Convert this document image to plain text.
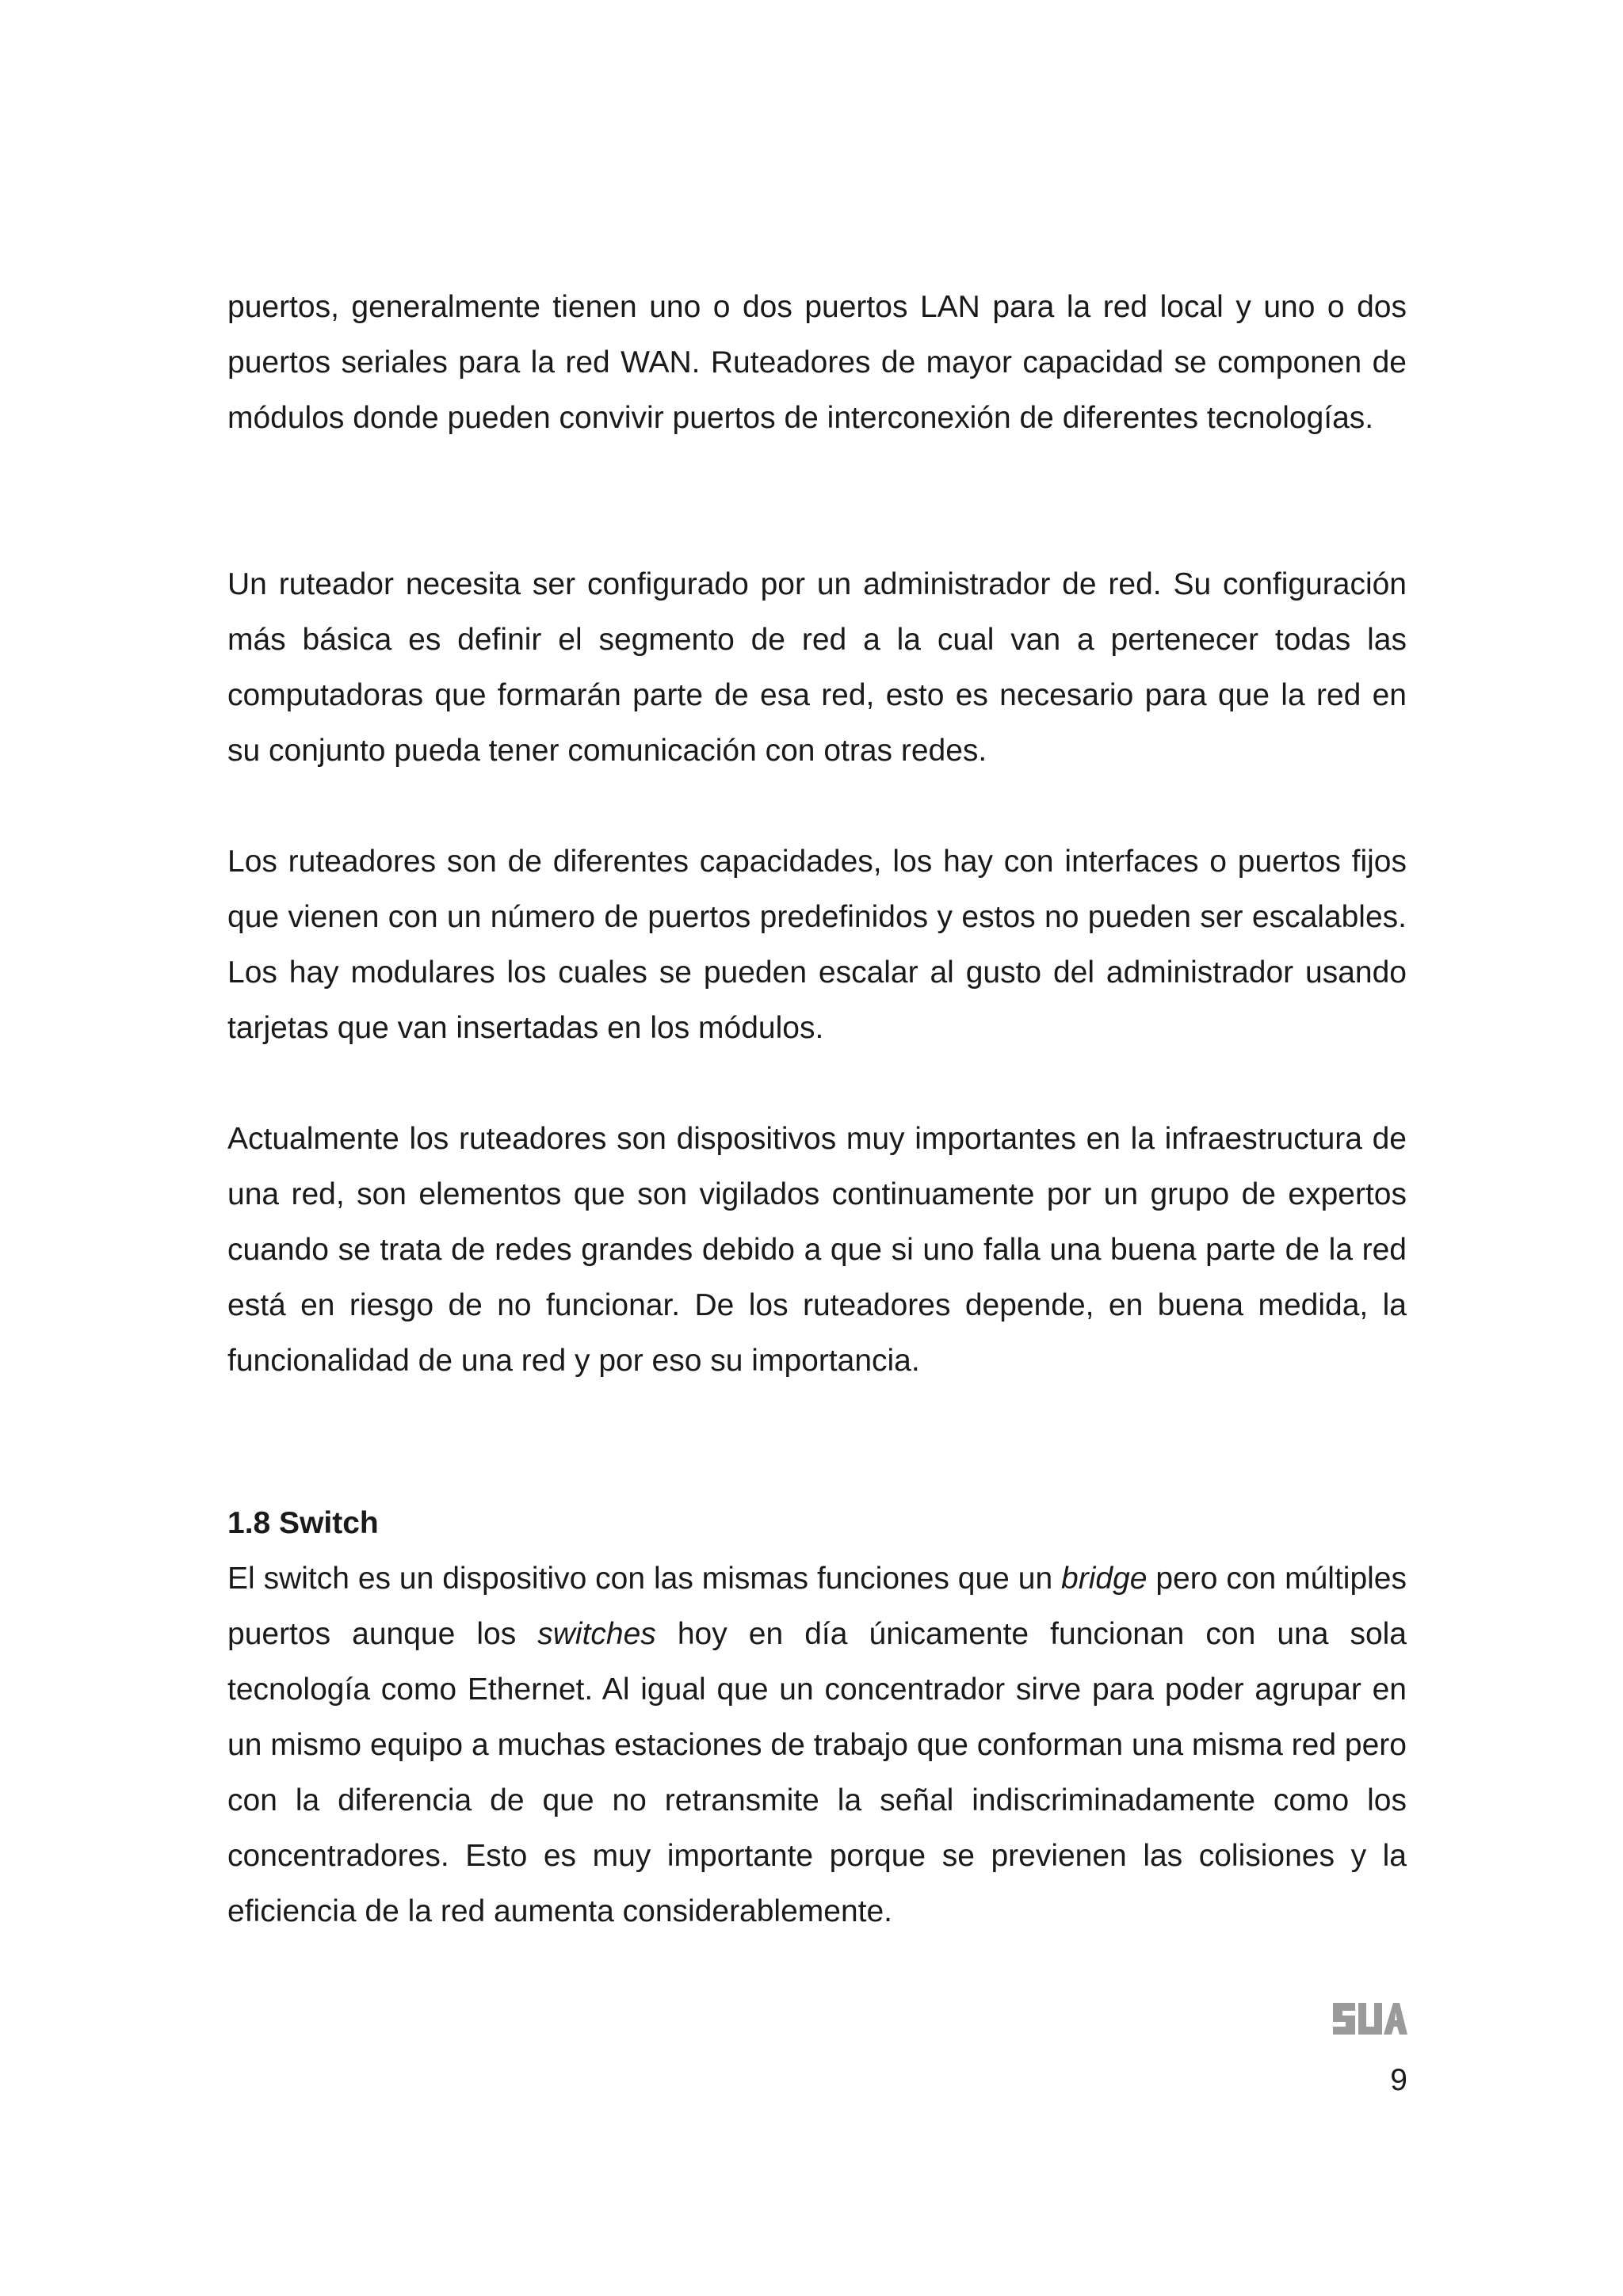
puertos, generalmente tienen uno o dos puertos LAN para la red local y uno o dos puertos seriales para la red WAN. Ruteadores de mayor capacidad se componen de módulos donde pueden convivir puertos de interconexión de diferentes tecnologías.

Un ruteador necesita ser configurado por un administrador de red. Su configuración más básica es definir el segmento de red a la cual van a pertenecer todas las computadoras que formarán parte de esa red, esto es necesario para que la red en su conjunto pueda tener comunicación con otras redes.

Los ruteadores son de diferentes capacidades, los hay con interfaces o puertos fijos que vienen con un número de puertos predefinidos y estos no pueden ser escalables. Los hay modulares los cuales se pueden escalar al gusto del administrador usando tarjetas que van insertadas en los módulos.

Actualmente los ruteadores son dispositivos muy importantes en la infraestructura de una red, son elementos que son vigilados continuamente por un grupo de expertos cuando se trata de redes grandes debido a que si uno falla una buena parte de la red está en riesgo de no funcionar. De los ruteadores depende, en buena medida, la funcionalidad de una red y por eso su importancia.

1.8 Switch

El switch es un dispositivo con las mismas funciones que un bridge pero con múltiples puertos aunque los switches hoy en día únicamente funcionan con una sola tecnología como Ethernet. Al igual que un concentrador sirve para poder agrupar en un mismo equipo a muchas estaciones de trabajo que conforman una misma red pero con la diferencia de que no retransmite la señal indiscriminadamente como los concentradores. Esto es muy importante porque se previenen las colisiones y la eficiencia de la red aumenta considerablemente.

9
